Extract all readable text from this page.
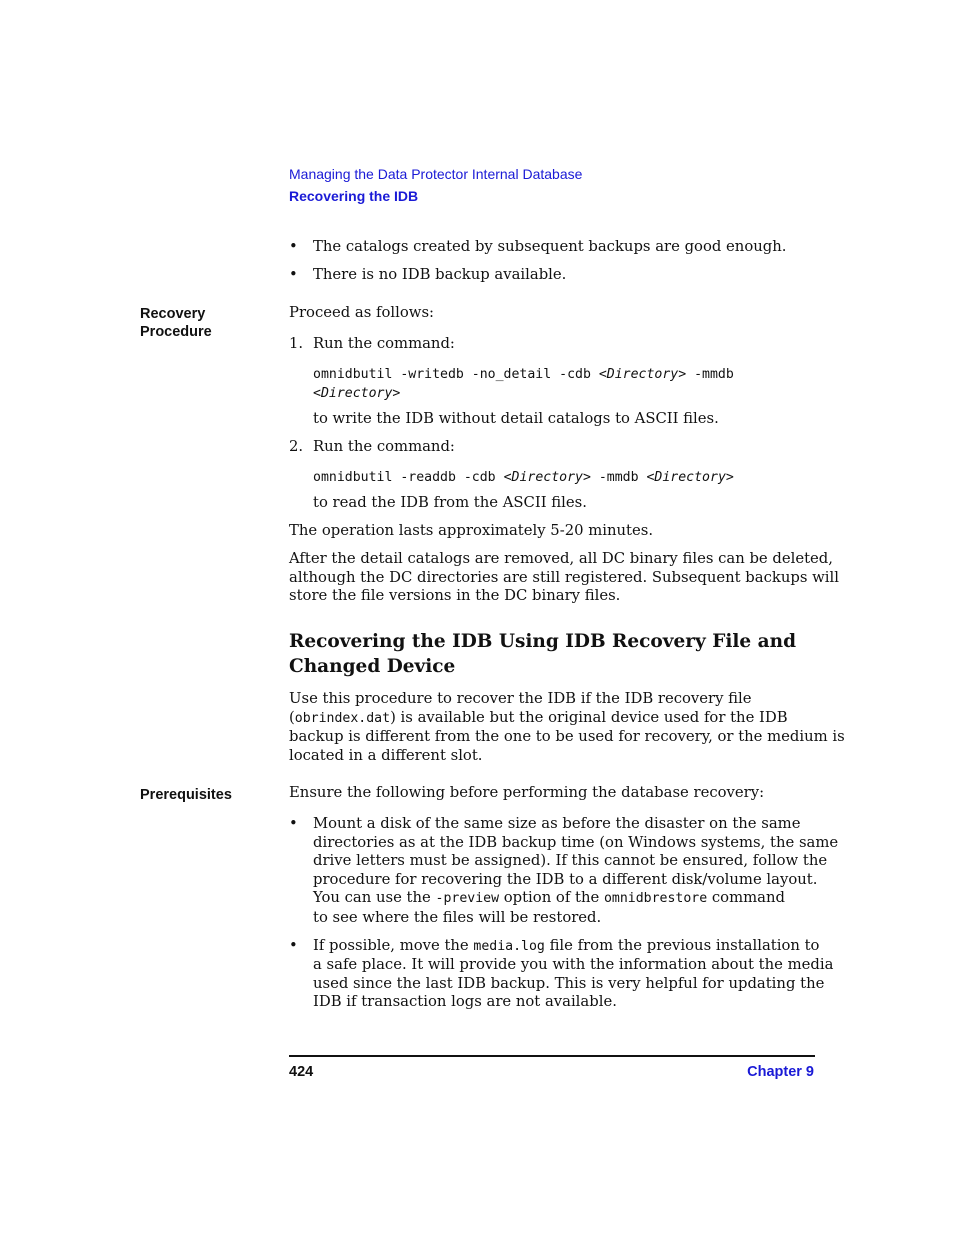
Managing the Data Protector Internal Database
Recovering the IDB
• The catalogs created by subsequent backups are good enough.
• There is no IDB backup available.
Recovery
Procedure
Proceed as follows:
1. Run the command:
omnidbutil -writedb -no_detail -cdb <Directory> -mmdb
<Directory>
to write the IDB without detail catalogs to ASCII files.
2. Run the command:
omnidbutil -readdb -cdb <Directory> -mmdb <Directory>
to read the IDB from the ASCII files.
The operation lasts approximately 5-20 minutes.
After the detail catalogs are removed, all DC binary files can be deleted,
although the DC directories are still registered. Subsequent backups will
store the file versions in the DC binary files.
Recovering the IDB Using IDB Recovery File and
Changed Device
Use this procedure to recover the IDB if the IDB recovery file
(obrindex.dat) is available but the original device used for the IDB
backup is different from the one to be used for recovery, or the medium is
located in a different slot.
Prerequisites	Ensure the following before performing the database recovery:
• Mount a disk of the same size as before the disaster on the same
directories as at the IDB backup time (on Windows systems, the same
drive letters must be assigned). If this cannot be ensured, follow the
procedure for recovering the IDB to a different disk/volume layout.
You can use the -preview option of the omnidbrestore command
to see where the files will be restored.
• If possible, move the media.log file from the previous installation to
a safe place. It will provide you with the information about the media
used since the last IDB backup. This is very helpful for updating the
IDB if transaction logs are not available.
424	Chapter 9
